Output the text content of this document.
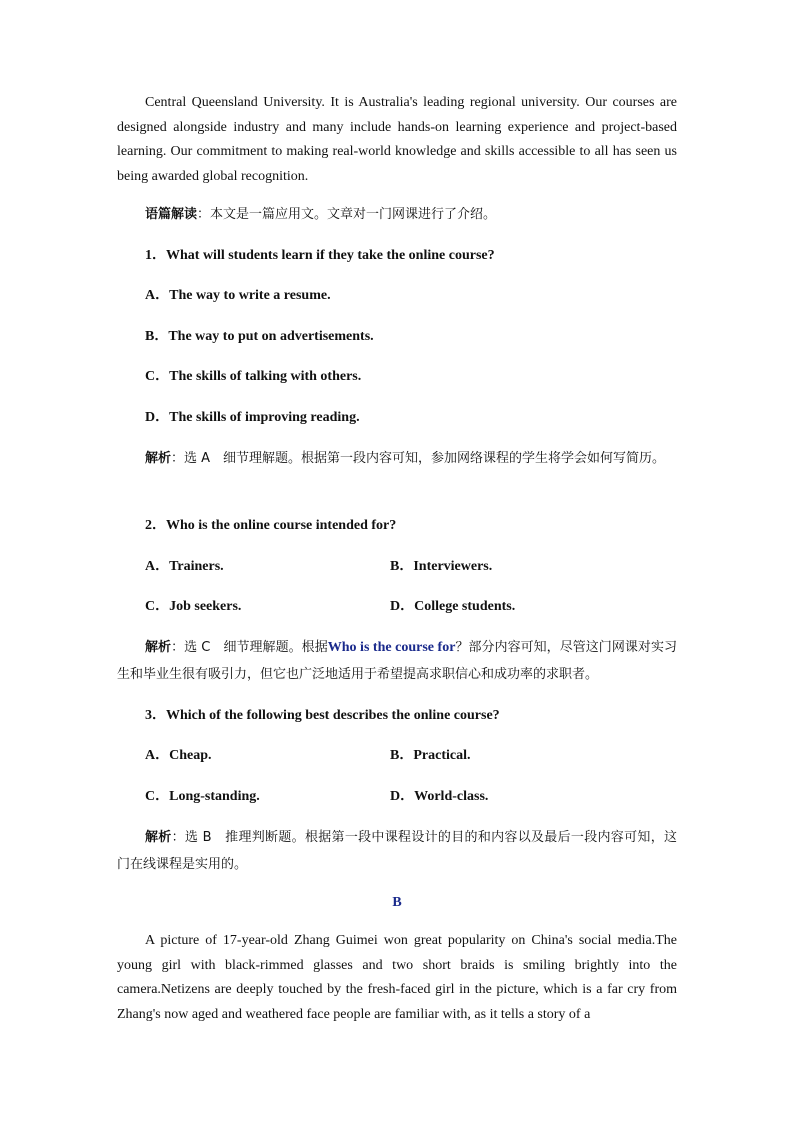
Central Queensland University. It is Australia's leading regional university. Our courses are designed alongside industry and many include hands-on learning experience and project-based learning. Our commitment to making real-world knowledge and skills accessible to all has seen us being awarded global recognition.

语篇解读：本文是一篇应用文。文章对一门网课进行了介绍。
1．What will students learn if they take the online course?
A．The way to write a resume.
B．The way to put on advertisements.
C．The skills of talking with others.
D．The skills of improving reading.

解析：选 A　细节理解题。根据第一段内容可知，参加网络课程的学生将学会如何写简历。

2．Who is the online course intended for?
A．Trainers.	B．Interviewers.
C．Job seekers.	D．College students.

解析：选 C　细节理解题。根据Who is the course for？部分内容可知，尽管这门网课对实习生和毕业生很有吸引力，但它也广泛地适用于希望提高求职信心和成功率的求职者。

3．Which of the following best describes the online course?
A．Cheap.	B．Practical.
C．Long-standing.	D．World-class.

解析：选 B　推理判断题。根据第一段中课程设计的目的和内容以及最后一段内容可知，这门在线课程是实用的。

B

A picture of 17-year-old Zhang Guimei won great popularity on China's social media.The young girl with black-rimmed glasses and two short braids is smiling brightly into the camera.Netizens are deeply touched by the fresh-faced girl in the picture, which is a far cry from Zhang's now aged and weathered face people are familiar with, as it tells a story of a
